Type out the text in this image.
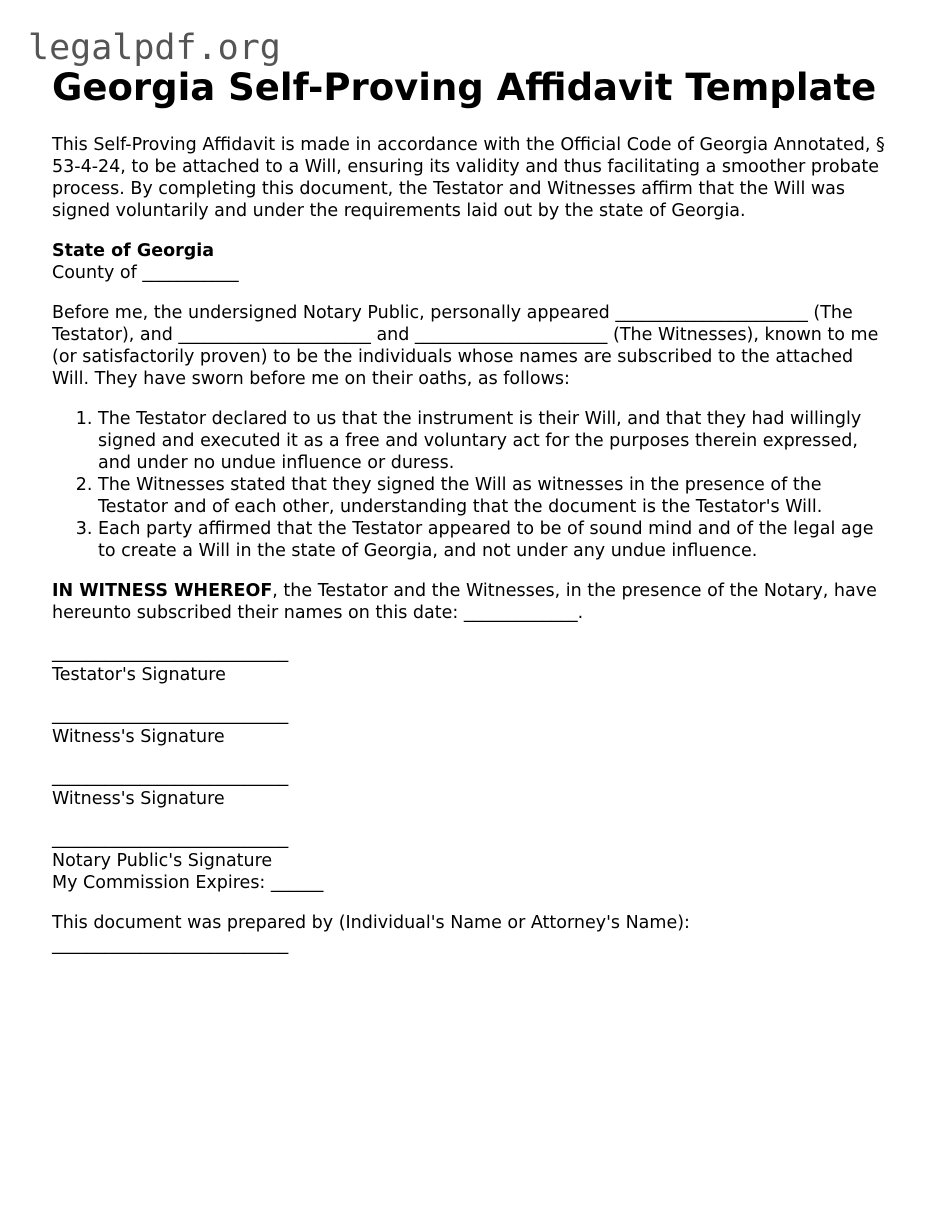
legalpdf.org
Georgia Self-Proving Affidavit Template

This Self-Proving Affidavit is made in accordance with the Official Code of Georgia Annotated, § 53-4-24, to be attached to a Will, ensuring its validity and thus facilitating a smoother probate process. By completing this document, the Testator and Witnesses affirm that the Will was signed voluntarily and under the requirements laid out by the state of Georgia.

State of Georgia
County of ___________

Before me, the undersigned Notary Public, personally appeared ______________________ (The Testator), and ______________________ and ______________________ (The Witnesses), known to me (or satisfactorily proven) to be the individuals whose names are subscribed to the attached Will. They have sworn before me on their oaths, as follows:

1. The Testator declared to us that the instrument is their Will, and that they had willingly signed and executed it as a free and voluntary act for the purposes therein expressed, and under no undue influence or duress.
2. The Witnesses stated that they signed the Will as witnesses in the presence of the Testator and of each other, understanding that the document is the Testator's Will.
3. Each party affirmed that the Testator appeared to be of sound mind and of the legal age to create a Will in the state of Georgia, and not under any undue influence.

IN WITNESS WHEREOF, the Testator and the Witnesses, in the presence of the Notary, have hereunto subscribed their names on this date: _____________.

___________________________
Testator's Signature
___________________________
Witness's Signature
___________________________
Witness's Signature
___________________________
Notary Public's Signature
My Commission Expires: ______
This document was prepared by (Individual's Name or Attorney's Name):
___________________________
